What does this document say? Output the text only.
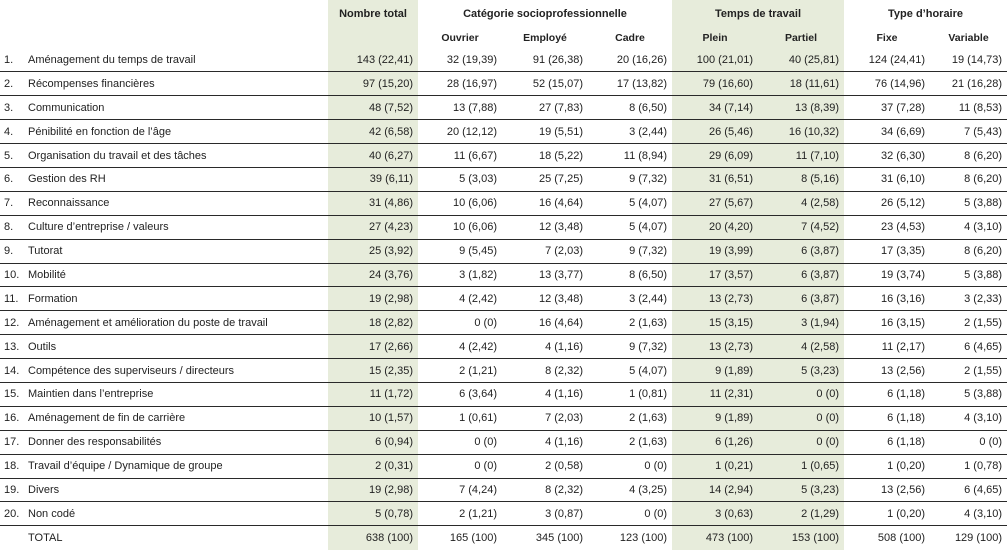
		Nombre total	Catégorie socioprofessionnelle			Temps de travail		Type d’horaire	
			Ouvrier	Employé	Cadre	Plein	Partiel	Fixe	Variable
1.	Aménagement du temps de travail	143 (22,41)	32 (19,39)	91 (26,38)	20 (16,26)	100 (21,01)	40 (25,81)	124 (24,41)	19 (14,73)
2.	Récompenses financières	97 (15,20)	28 (16,97)	52 (15,07)	17 (13,82)	79 (16,60)	18 (11,61)	76 (14,96)	21 (16,28)
3.	Communication	48 (7,52)	13 (7,88)	27 (7,83)	8 (6,50)	34 (7,14)	13 (8,39)	37 (7,28)	11 (8,53)
4.	Pénibilité en fonction de l’âge	42 (6,58)	20 (12,12)	19 (5,51)	3 (2,44)	26 (5,46)	16 (10,32)	34 (6,69)	7 (5,43)
5.	Organisation du travail et des tâches	40 (6,27)	11 (6,67)	18 (5,22)	11 (8,94)	29 (6,09)	11 (7,10)	32 (6,30)	8 (6,20)
6.	Gestion des RH	39 (6,11)	5 (3,03)	25 (7,25)	9 (7,32)	31 (6,51)	8 (5,16)	31 (6,10)	8 (6,20)
7.	Reconnaissance	31 (4,86)	10 (6,06)	16 (4,64)	5 (4,07)	27 (5,67)	4 (2,58)	26 (5,12)	5 (3,88)
8.	Culture d’entreprise / valeurs	27 (4,23)	10 (6,06)	12 (3,48)	5 (4,07)	20 (4,20)	7 (4,52)	23 (4,53)	4 (3,10)
9.	Tutorat	25 (3,92)	9 (5,45)	7 (2,03)	9 (7,32)	19 (3,99)	6 (3,87)	17 (3,35)	8 (6,20)
10.	Mobilité	24 (3,76)	3 (1,82)	13 (3,77)	8 (6,50)	17 (3,57)	6 (3,87)	19 (3,74)	5 (3,88)
11.	Formation	19 (2,98)	4 (2,42)	12 (3,48)	3 (2,44)	13 (2,73)	6 (3,87)	16 (3,16)	3 (2,33)
12.	Aménagement et amélioration du poste de travail	18 (2,82)	0 (0)	16 (4,64)	2 (1,63)	15 (3,15)	3 (1,94)	16 (3,15)	2 (1,55)
13.	Outils	17 (2,66)	4 (2,42)	4 (1,16)	9 (7,32)	13 (2,73)	4 (2,58)	11 (2,17)	6 (4,65)
14.	Compétence des superviseurs / directeurs	15 (2,35)	2 (1,21)	8 (2,32)	5 (4,07)	9 (1,89)	5 (3,23)	13 (2,56)	2 (1,55)
15.	Maintien dans l’entreprise	11 (1,72)	6 (3,64)	4 (1,16)	1 (0,81)	11 (2,31)	0 (0)	6 (1,18)	5 (3,88)
16.	Aménagement de fin de carrière	10 (1,57)	1 (0,61)	7 (2,03)	2 (1,63)	9 (1,89)	0 (0)	6 (1,18)	4 (3,10)
17.	Donner des responsabilités	6 (0,94)	0 (0)	4 (1,16)	2 (1,63)	6 (1,26)	0 (0)	6 (1,18)	0 (0)
18.	Travail d’équipe / Dynamique de groupe	2 (0,31)	0 (0)	2 (0,58)	0 (0)	1 (0,21)	1 (0,65)	1 (0,20)	1 (0,78)
19.	Divers	19 (2,98)	7 (4,24)	8 (2,32)	4 (3,25)	14 (2,94)	5 (3,23)	13 (2,56)	6 (4,65)
20.	Non codé	5 (0,78)	2 (1,21)	3 (0,87)	0 (0)	3 (0,63)	2 (1,29)	1 (0,20)	4 (3,10)
	TOTAL	638 (100)	165 (100)	345 (100)	123 (100)	473 (100)	153 (100)	508 (100)	129 (100)
